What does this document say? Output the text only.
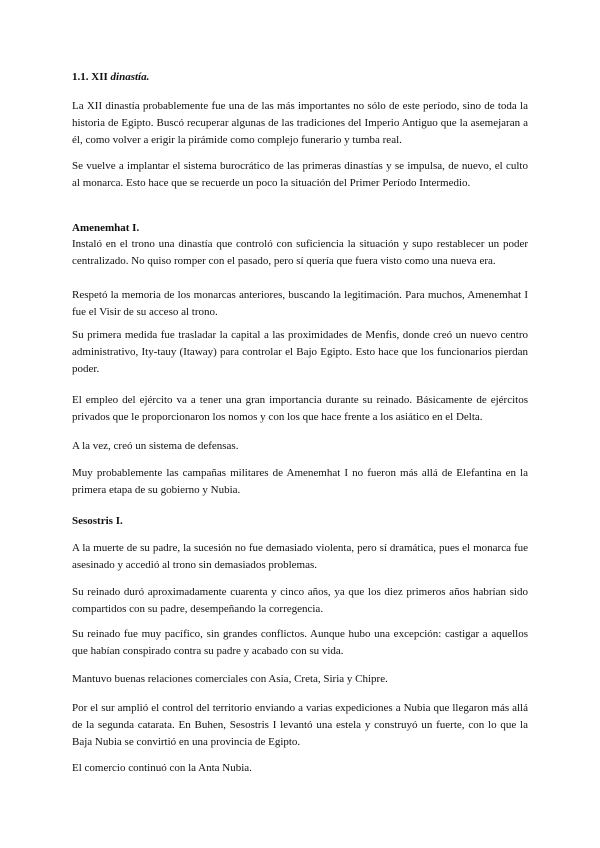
1.1. XII dinastía.

La XII dinastía probablemente fue una de las más importantes no sólo de este período, sino de toda la historia de Egipto. Buscó recuperar algunas de las tradiciones del Imperio Antiguo que la asemejaran a él, como volver a erigir la pirámide como complejo funerario y tumba real.

Se vuelve a implantar el sistema burocrático de las primeras dinastías y se impulsa, de nuevo, el culto al monarca. Esto hace que se recuerde un poco la situación del Primer Período Intermedio.

Amenemhat I.

Instaló en el trono una dinastía que controló con suficiencia la situación y supo restablecer un poder centralizado. No quiso romper con el pasado, pero sí quería que fuera visto como una nueva era.

Respetó la memoria de los monarcas anteriores, buscando la legitimación. Para muchos, Amenemhat I fue el Visir de su acceso al trono.

Su primera medida fue trasladar la capital a las proximidades de Menfis, donde creó un nuevo centro administrativo, Ity-tauy (Itaway) para controlar el Bajo Egipto. Esto hace que los funcionarios pierdan poder.

El empleo del ejército va a tener una gran importancia durante su reinado. Básicamente de ejércitos privados que le proporcionaron los nomos y con los que hace frente a los asiático en el Delta.

A la vez, creó un sistema de defensas.

Muy probablemente las campañas militares de Amenemhat I no fueron más allá de Elefantina en la primera etapa de su gobierno y Nubia.

Sesostris I.

A la muerte de su padre, la sucesión no fue demasiado violenta, pero sí dramática, pues el monarca fue asesinado y accedió al trono sin demasiados problemas.

Su reinado duró aproximadamente cuarenta y cinco años, ya que los diez primeros años habrían sido compartidos con su padre, desempeñando la corregencia.

Su reinado fue muy pacífico, sin grandes conflictos. Aunque hubo una excepción: castigar a aquellos que habían conspirado contra su padre y acabado con su vida.

Mantuvo buenas relaciones comerciales con Asia, Creta, Siria y Chipre.

Por el sur amplió el control del territorio enviando a varias expediciones a Nubia que llegaron más allá de la segunda catarata. En Buhen, Sesostris I levantó una estela y construyó un fuerte, con lo que la Baja Nubia se convirtió en una provincia de Egipto.

El comercio continuó con la Anta Nubia.
